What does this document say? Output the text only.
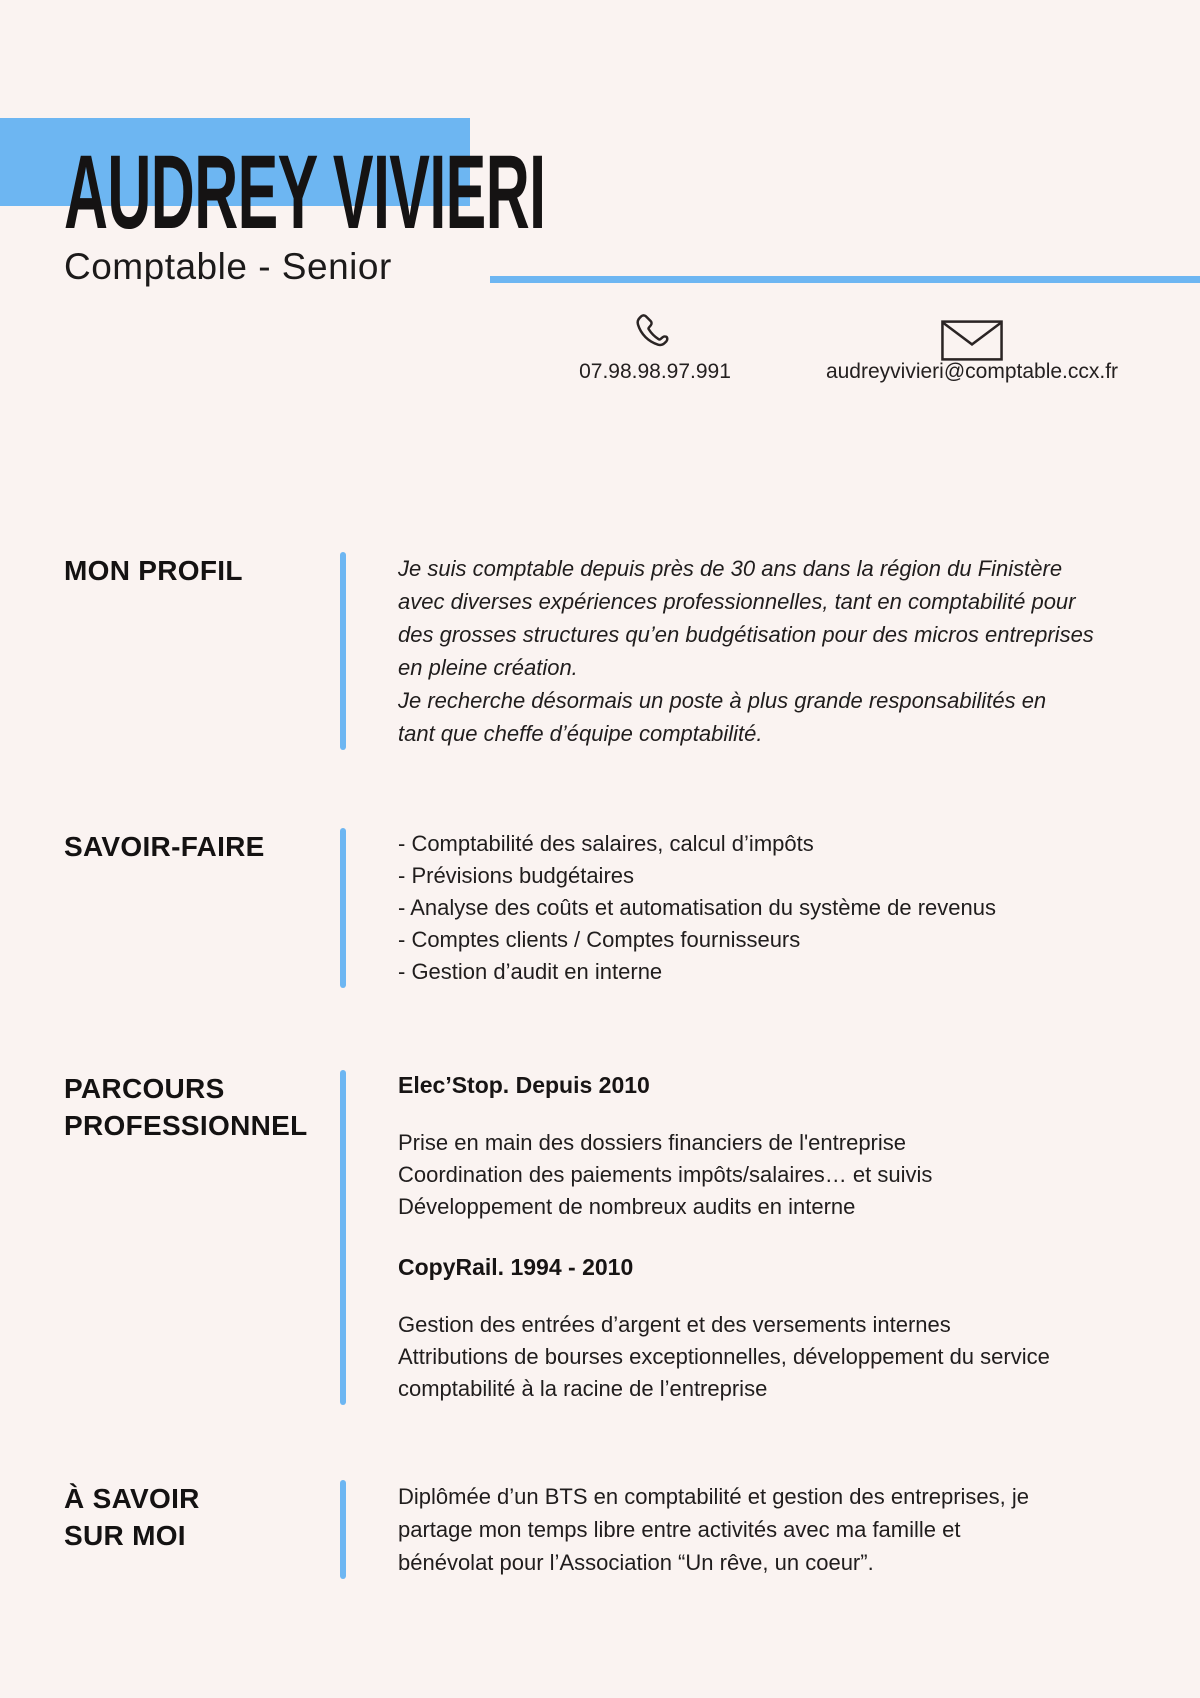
AUDREY VIVIERI
Comptable - Senior
07.98.98.97.991	audreyvivieri@comptable.ccx.fr
MON PROFIL	Je suis comptable depuis près de 30 ans dans la région du Finistère
avec diverses expériences professionnelles, tant en comptabilité pour
des grosses structures qu’en budgétisation pour des micros entreprises
en pleine création.
Je recherche désormais un poste à plus grande responsabilités en
tant que cheffe d’équipe comptabilité.
SAVOIR-FAIRE	- Comptabilité des salaires, calcul d’impôts
- Prévisions budgétaires
- Analyse des coûts et automatisation du système de revenus
- Comptes clients / Comptes fournisseurs
- Gestion d’audit en interne
PARCOURS PROFESSIONNEL
Elec’Stop. Depuis 2010
Prise en main des dossiers financiers de l'entreprise
Coordination des paiements impôts/salaires… et suivis
Développement de nombreux audits en interne
CopyRail. 1994 - 2010
Gestion des entrées d’argent et des versements internes
Attributions de bourses exceptionnelles, développement du service
comptabilité à la racine de l’entreprise
À SAVOIR SUR MOI
Diplômée d’un BTS en comptabilité et gestion des entreprises, je
partage mon temps libre entre activités avec ma famille et
bénévolat pour l’Association “Un rêve, un coeur”.
